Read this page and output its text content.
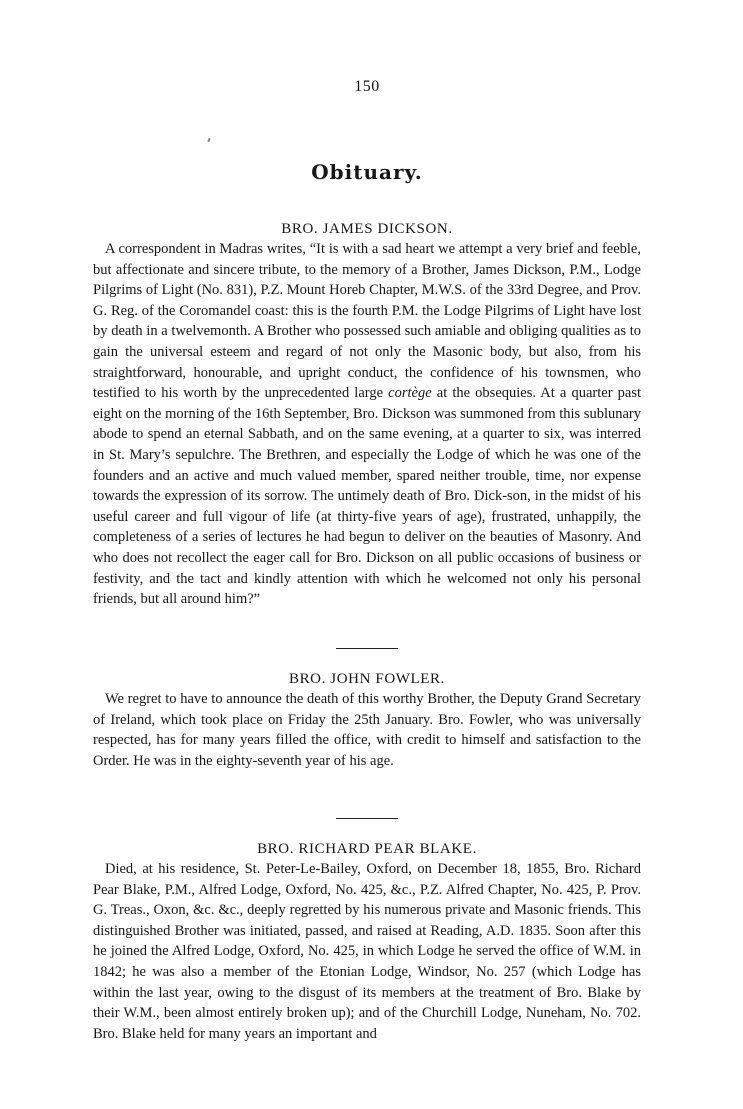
150
Obituary.
BRO. JAMES DICKSON.

A correspondent in Madras writes, “It is with a sad heart we attempt a very brief and feeble, but affectionate and sincere tribute, to the memory of a Brother, James Dickson, P.M., Lodge Pilgrims of Light (No. 831), P.Z. Mount Horeb Chapter, M.W.S. of the 33rd Degree, and Prov. G. Reg. of the Coromandel coast: this is the fourth P.M. the Lodge Pilgrims of Light have lost by death in a twelvemonth. A Brother who possessed such amiable and obliging qualities as to gain the universal esteem and regard of not only the Masonic body, but also, from his straightforward, honourable, and upright conduct, the confidence of his townsmen, who testified to his worth by the unprecedented large cortège at the obsequies. At a quarter past eight on the morning of the 16th September, Bro. Dickson was summoned from this sublunary abode to spend an eternal Sabbath, and on the same evening, at a quarter to six, was interred in St. Mary’s sepulchre. The Brethren, and especially the Lodge of which he was one of the founders and an active and much valued member, spared neither trouble, time, nor expense towards the expression of its sorrow. The untimely death of Bro. Dick-son, in the midst of his useful career and full vigour of life (at thirty-five years of age), frustrated, unhappily, the completeness of a series of lectures he had begun to deliver on the beauties of Masonry. And who does not recollect the eager call for Bro. Dickson on all public occasions of business or festivity, and the tact and kindly attention with which he welcomed not only his personal friends, but all around him?”

BRO. JOHN FOWLER.

We regret to have to announce the death of this worthy Brother, the Deputy Grand Secretary of Ireland, which took place on Friday the 25th January. Bro. Fowler, who was universally respected, has for many years filled the office, with credit to himself and satisfaction to the Order. He was in the eighty-seventh year of his age.

BRO. RICHARD PEAR BLAKE.

Died, at his residence, St. Peter-Le-Bailey, Oxford, on December 18, 1855, Bro. Richard Pear Blake, P.M., Alfred Lodge, Oxford, No. 425, &c., P.Z. Alfred Chapter, No. 425, P. Prov. G. Treas., Oxon, &c. &c., deeply regretted by his numerous private and Masonic friends. This distinguished Brother was initiated, passed, and raised at Reading, A.D. 1835. Soon after this he joined the Alfred Lodge, Oxford, No. 425, in which Lodge he served the office of W.M. in 1842; he was also a member of the Etonian Lodge, Windsor, No. 257 (which Lodge has within the last year, owing to the disgust of its members at the treatment of Bro. Blake by their W.M., been almost entirely broken up); and of the Churchill Lodge, Nuneham, No. 702. Bro. Blake held for many years an important and
